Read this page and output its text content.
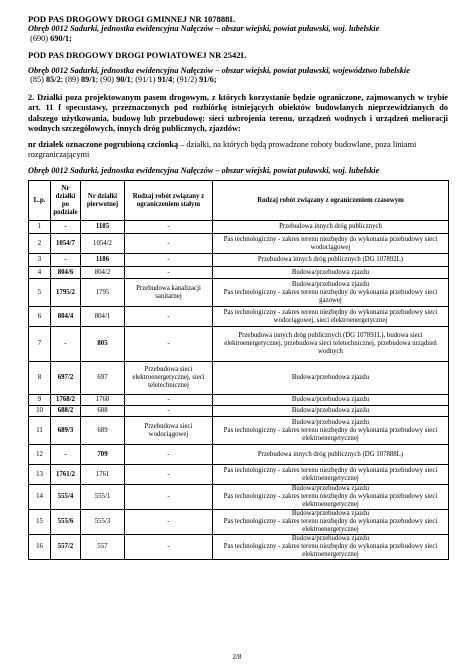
POD PAS DROGOWY DROGI GMINNEJ NR 107888L

Obręb 0012 Sadurki, jednostka ewidencyjna Nałęczów – obszar wiejski, powiat puławski, woj. lubelskie

(690) 690/1;

POD PAS DROGOWY DROGI POWIATOWEJ NR 2542L

Obręb 0012 Sadurki, jednostka ewidencyjna Nałęczów – obszar wiejski, powiat puławski, województwo lubelskie

(85) 85/2; (89) 89/1; (90) 90/1; (91/1) 91/4; (91/2) 91/6;

2. Działki poza projektowanym pasem drogowym, z których korzystanie będzie ograniczone, zajmowanych w trybie art. 11 f specustawy, przeznaczonych pod rozbiórkę istniejących obiektów budowlanych nieprzewidzianych do dalszego użytkowania, budowę lub przebudowę: sieci uzbrojenia terenu, urządzeń wodnych i urządzeń melioracji wodnych szczegółowych, innych dróg publicznych, zjazdów:

nr działek oznaczone pogrubioną czcionką – działki, na których będą prowadzone roboty budowlane, poza liniami rozgraniczającymi

Obręb 0012 Sadurki, jednostka ewidencyjna Nałęczów – obszar wiejski, powiat puławski, woj. lubelskie

L.p.	Nr działki po podziale	Nr działki pierwotnej	Rodzaj robót związany z ograniczeniem stałym	Rodzaj robót związany z ograniczeniem czasowym
1	-	1185	-	Przebudowa innych dróg publicznych
2	1054/7	1054/2	-	Pas technologiczny - zakres terenu niezbędny do wykonania przebudowy sieci wodociągowej
3	-	1186	-	Przebudowa innych dróg publicznych (DG 107892L)
4	804/6	804/2	-	Budowa/przebudowa zjazdu
5	1795/2	1795	Przebudowa kanalizacji sanitarnej	Budowa/przebudowa zjazdu
Pas technologiczny - zakres terenu niezbędny do wykonania przebudowy sieci gazowej
6	804/4	804/1	-	Pas technologiczny - zakres terenu niezbędny do wykonania przebudowy sieci wodociągowej, sieci elektroenergetycznej
7	-	805	-	Przebudowa innych dróg publicznych (DG 107891L), budowa sieci elektroenergetycznej, przebudowa sieci teletechnicznej, przebudowa urządzeń wodnych
8	697/2	697	Przebudowa sieci elektroenergetycznej, sieci teletechnicznej	Budowa/przebudowa zjazdu
9	1768/2	1768	-	Budowa/przebudowa zjazdu
10	688/2	688	-	Budowa/przebudowa zjazdu
11	689/3	689	Przebudowa sieci wodociągowej	Budowa/przebudowa zjazdu
Pas technologiczny - zakres terenu niezbędny do wykonania przebudowy sieci elektroenergetycznej
12	-	709	-	Przebudowa innych dróg publicznych (DG 107888L)
13	1761/2	1761	-	Pas technologiczny - zakres terenu niezbędny do wykonania przebudowy sieci elektroenergetycznej
14	555/4	555/1	-	Budowa/przebudowa zjazdu
Pas technologiczny - zakres terenu niezbędny do wykonania przebudowy sieci elektroenergetycznej
15	555/6	555/3	-	Budowa/przebudowa zjazdu
Pas technologiczny - zakres terenu niezbędny do wykonania przebudowy sieci elektroenergetycznej
16	557/2	557	-	Budowa/przebudowa zjazdu
Pas technologiczny - zakres terenu niezbędny do wykonania przebudowy sieci elektroenergetycznej
2/8
